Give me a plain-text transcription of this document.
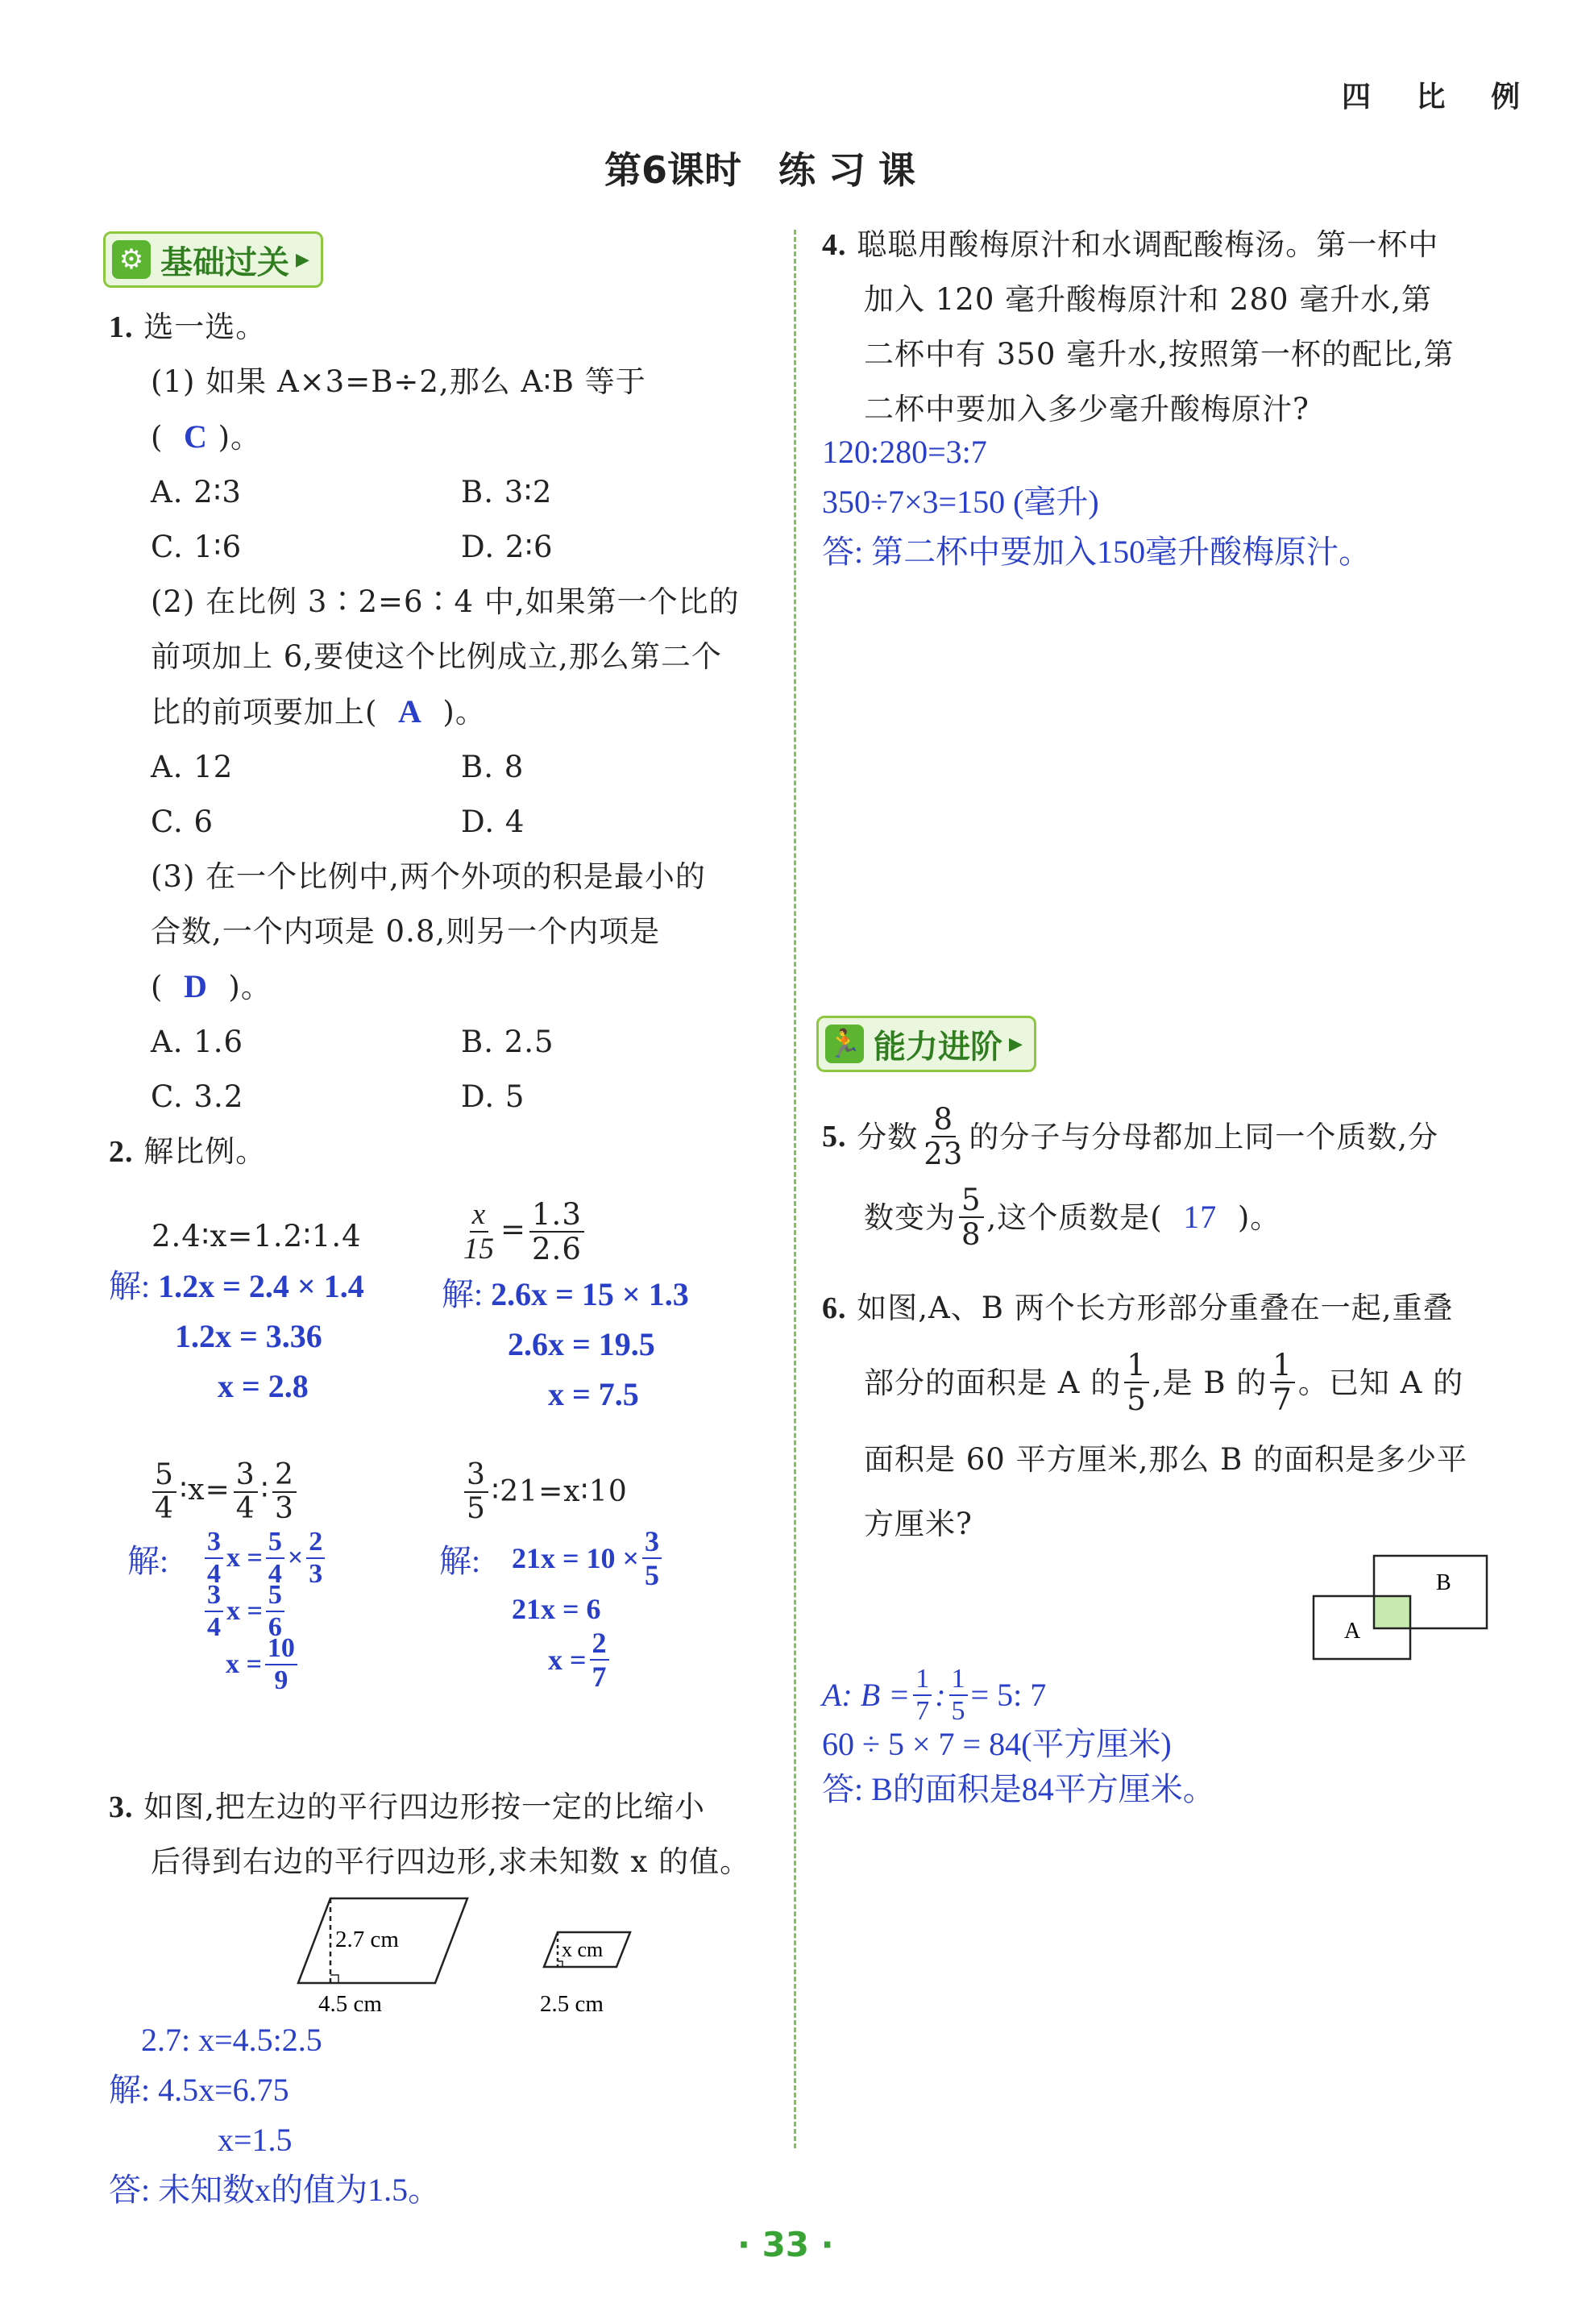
四 比 例
第6课时　练 习 课
⚙ 基础过关 ▶
1. 选一选。
(1) 如果 A×3=B÷2,那么 A∶B 等于
( C )。
A. 2∶3	B. 3∶2
C. 1∶6	D. 2∶6
(2) 在比例 3∶2=6∶4 中,如果第一个比的
前项加上 6,要使这个比例成立,那么第二个
比的前项要加上( A )。
A. 12	B. 8
C. 6	D. 4
(3) 在一个比例中,两个外项的积是最小的
合数,一个内项是 0.8,则另一个内项是
( D )。
A. 1.6	B. 2.5
C. 3.2	D. 5
2. 解比例。
2.4∶x=1.2∶1.4
解: 1.2x = 2.4 × 1.4
1.2x = 3.36
x = 2.8
$\frac{x}{15} = \frac{1.3}{2.6}$
解: 2.6x = 15 × 1.3
2.6x = 19.5
x = 7.5
$\frac{5}{4}$ ∶x= $\frac{3}{4}$ ∶ $\frac{2}{3}$
解: $\frac{3}{4}$ $x = \frac{5}{4} \times \frac{2}{3}$
$\frac{3}{4}$ $x = \frac{5}{6}$
$x = \frac{10}{9}$
$\frac{3}{5}$ ∶21=x∶10
解: $21x = 10 \times \frac{3}{5}$
21x = 6
$x = \frac{2}{7}$
3. 如图,把左边的平行四边形按一定的比缩小
后得到右边的平行四边形,求未知数 x 的值。
2.7 cm
4.5 cm
x cm
2.5 cm
2.7: x=4.5:2.5
解: 4.5x=6.75
x=1.5
答: 未知数x的值为1.5。
4. 聪聪用酸梅原汁和水调配酸梅汤。第一杯中
加入 120 毫升酸梅原汁和 280 毫升水,第
二杯中有 350 毫升水,按照第一杯的配比,第
二杯中要加入多少毫升酸梅原汁?
120:280=3:7
350÷7×3=150 (毫升)
答: 第二杯中要加入150毫升酸梅原汁。
🏃 能力进阶 ▶
5.
分数 $\frac{8}{23}$ 的分子与分母都加上同一个质数,分
数变为 $\frac{5}{8}$ ,这个质数是(
17
)。
6.
如图,A、B 两个长方形部分重叠在一起,重叠
部分的面积是 A 的 $\frac{1}{5}$ ,是 B 的 $\frac{1}{7}$ 。已知 A 的
面积是 60 平方厘米,那么 B 的面积是多少平
方厘米?
A
B
A: $B = \frac{1}{7}$ : $\frac{1}{5} = 5$: 7
60 ÷ 5 × 7 = 84(平方厘米)
答: B的面积是84平方厘米。
· 33 ·
